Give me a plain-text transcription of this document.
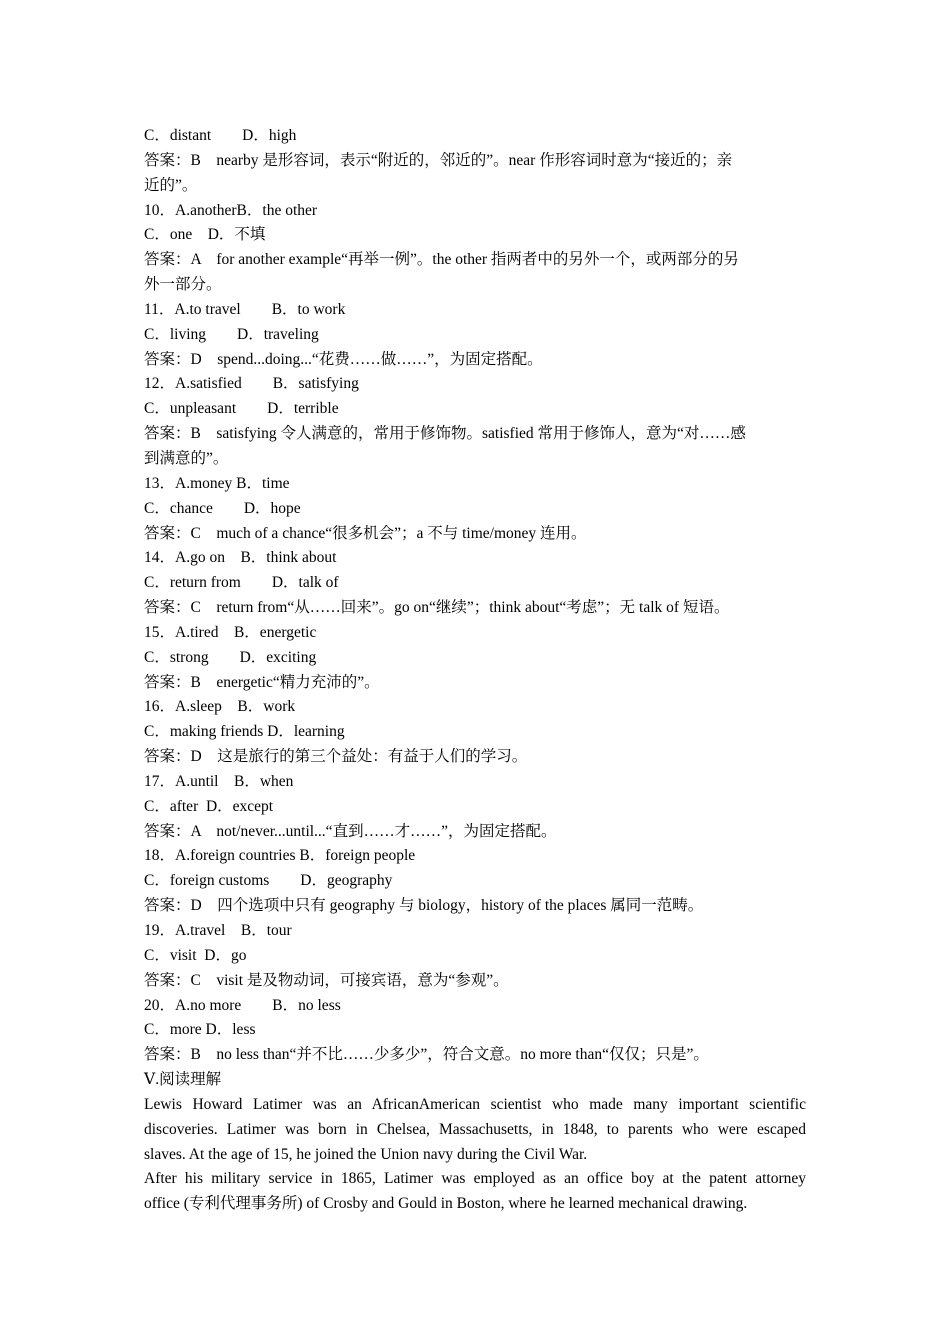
C．distant　　D．high
答案：B　nearby 是形容词，表示“附近的，邻近的”。near 作形容词时意为“接近的；亲
近的”。
10．A.anotherB．the other
C．one　D．不填
答案：A　for another example“再举一例”。the other 指两者中的另外一个，或两部分的另
外一部分。
11．A.to travel　　B．to work
C．living　　D．traveling
答案：D　spend...doing...“花费……做……”，为固定搭配。
12．A.satisfied　　B．satisfying
C．unpleasant　　D．terrible
答案：B　satisfying 令人满意的，常用于修饰物。satisfied 常用于修饰人，意为“对……感
到满意的”。
13．A.money B．time
C．chance　　D．hope
答案：C　much of a chance“很多机会”；a 不与 time/money 连用。
14．A.go on　B．think about
C．return from　　D．talk of
答案：C　return from“从……回来”。go on“继续”；think about“考虑”；无 talk of 短语。
15．A.tired　B．energetic
C．strong　　D．exciting
答案：B　energetic“精力充沛的”。
16．A.sleep　B．work
C．making friends D．learning
答案：D　这是旅行的第三个益处：有益于人们的学习。
17．A.until　B．when
C．after  D．except
答案：A　not/never...until...“直到……才……”，为固定搭配。
18．A.foreign countries B．foreign people
C．foreign customs　　D．geography
答案：D　四个选项中只有 geography 与 biology，history of the places 属同一范畴。
19．A.travel　B．tour
C．visit  D．go
答案：C　visit 是及物动词，可接宾语，意为“参观”。
20．A.no more　　B．no less
C．more D．less
答案：B　no less than“并不比……少多少”，符合文意。no more than“仅仅；只是”。
Ⅴ.阅读理解
Lewis Howard Latimer was an AfricanAmerican scientist who made many important scientific
discoveries. Latimer was born in Chelsea, Massachusetts, in 1848, to parents who were escaped
slaves. At the age of 15, he joined the Union navy during the Civil War.
After his military service in 1865, Latimer was employed as an office boy at the patent attorney
office (专利代理事务所) of Crosby and Gould in Boston, where he learned mechanical drawing.
